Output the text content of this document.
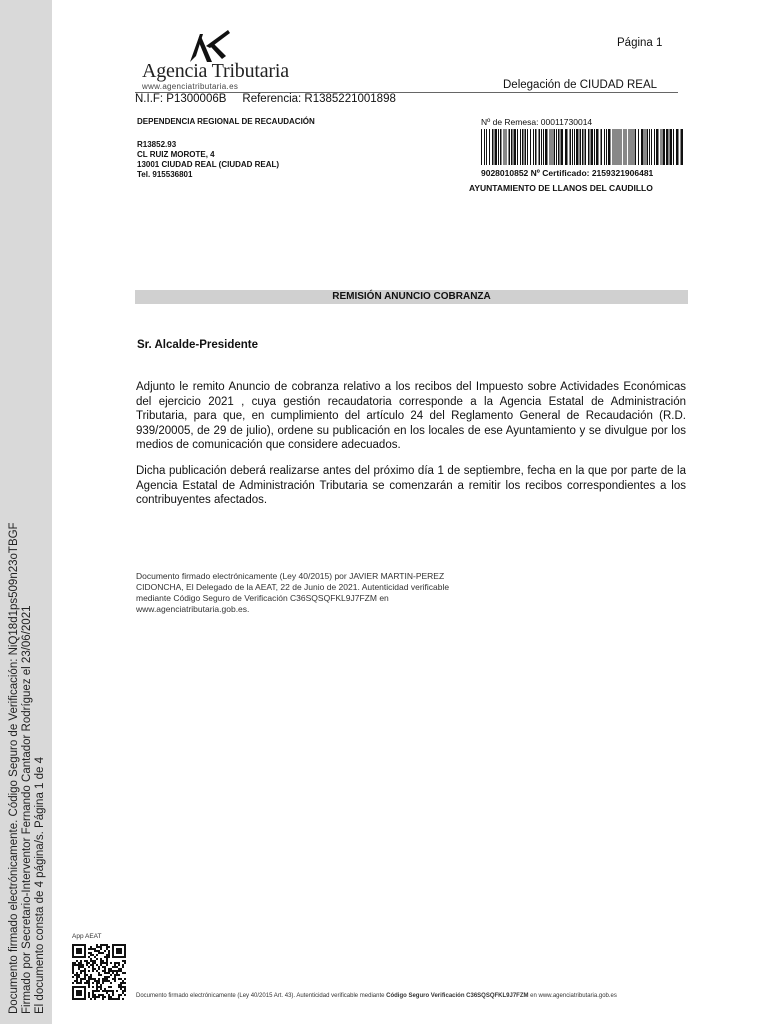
Documento firmado electrónicamente. Código Seguro de Verificación: NiQ18d1ps509n23oTBGF Firmado por Secretario-Interventor Fernando Cantador Rodríguez el 23/06/2021 El documento consta de 4 página/s. Página 1 de 4
Agencia Tributaria
www.agenciatributaria.es
Página 1
Delegación de CIUDAD REAL
N.I.F: P1300006B Referencia: R1385221001898
DEPENDENCIA REGIONAL DE RECAUDACIÓN
R13852.93
CL RUIZ MOROTE, 4
13001 CIUDAD REAL (CIUDAD REAL)
Tel. 915536801
Nº de Remesa: 00011730014
9028010852 Nº Certificado: 2159321906481
AYUNTAMIENTO DE LLANOS DEL CAUDILLO
REMISIÓN ANUNCIO COBRANZA
Sr. Alcalde-Presidente
Adjunto le remito Anuncio de cobranza relativo a los recibos del Impuesto sobre Actividades Económicas del ejercicio 2021 , cuya gestión recaudatoria corresponde a la Agencia Estatal de Administración Tributaria, para que, en cumplimiento del artículo 24 del Reglamento General de Recaudación (R.D. 939/20005, de 29 de julio), ordene su publicación en los locales de ese Ayuntamiento y se divulgue por los medios de comunicación que considere adecuados.
Dicha publicación deberá realizarse antes del próximo día 1 de septiembre, fecha en la que por parte de la Agencia Estatal de Administración Tributaria se comenzarán a remitir los recibos correspondientes a los contribuyentes afectados.
Documento firmado electrónicamente (Ley 40/2015) por JAVIER MARTIN-PEREZ
CIDONCHA, El Delegado de la AEAT, 22 de Junio de 2021. Autenticidad verificable
mediante Código Seguro de Verificación C36SQSQFKL9J7FZM en
www.agenciatributaria.gob.es.
App AEAT
Documento firmado electrónicamente (Ley 40/2015 Art. 43). Autenticidad verificable mediante Código Seguro Verificación C36SQSQFKL9J7FZM en www.agenciatributaria.gob.es
